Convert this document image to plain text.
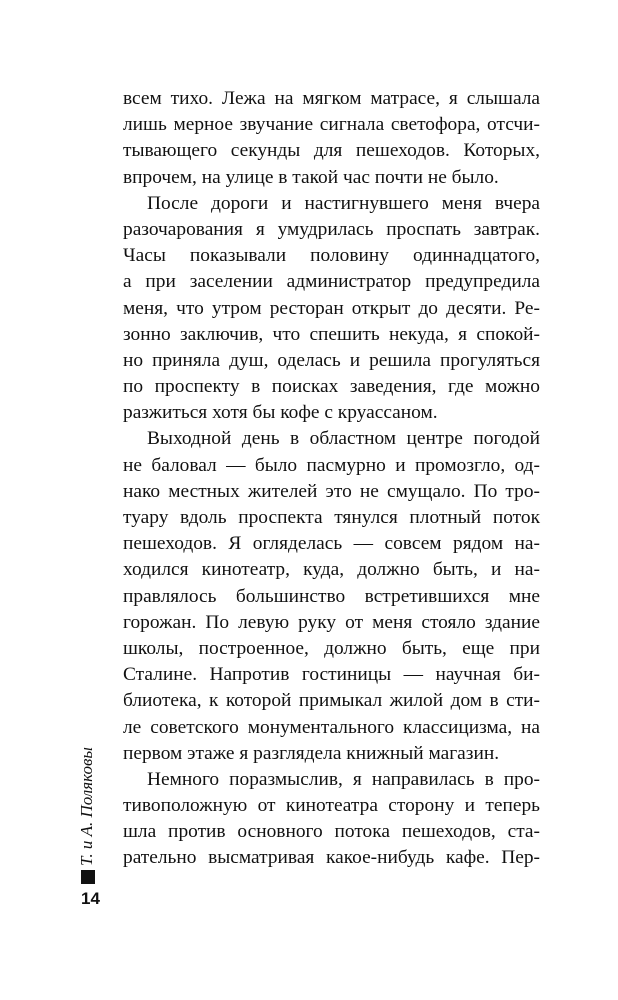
всем тихо. Лежа на мягком матрасе, я слышала
лишь мерное звучание сигнала светофора, отсчи-
тывающего секунды для пешеходов. Которых,
впрочем, на улице в такой час почти не было.
После дороги и настигнувшего меня вчера
разочарования я умудрилась проспать завтрак.
Часы показывали половину одиннадцатого,
а при заселении администратор предупредила
меня, что утром ресторан открыт до десяти. Ре-
зонно заключив, что спешить некуда, я спокой-
но приняла душ, оделась и решила прогуляться
по проспекту в поисках заведения, где можно
разжиться хотя бы кофе с круассаном.
Выходной день в областном центре погодой
не баловал — было пасмурно и промозгло, од-
нако местных жителей это не смущало. По тро-
туару вдоль проспекта тянулся плотный поток
пешеходов. Я огляделась — совсем рядом на-
ходился кинотеатр, куда, должно быть, и на-
правлялось большинство встретившихся мне
горожан. По левую руку от меня стояло здание
школы, построенное, должно быть, еще при
Сталине. Напротив гостиницы — научная би-
блиотека, к которой примыкал жилой дом в сти-
ле советского монументального классицизма, на
первом этаже я разглядела книжный магазин.
Немного поразмыслив, я направилась в про-
тивоположную от кинотеатра сторону и теперь
шла против основного потока пешеходов, ста-
рательно высматривая какое-нибудь кафе. Пер-
Т. и А. Поляковы
14
